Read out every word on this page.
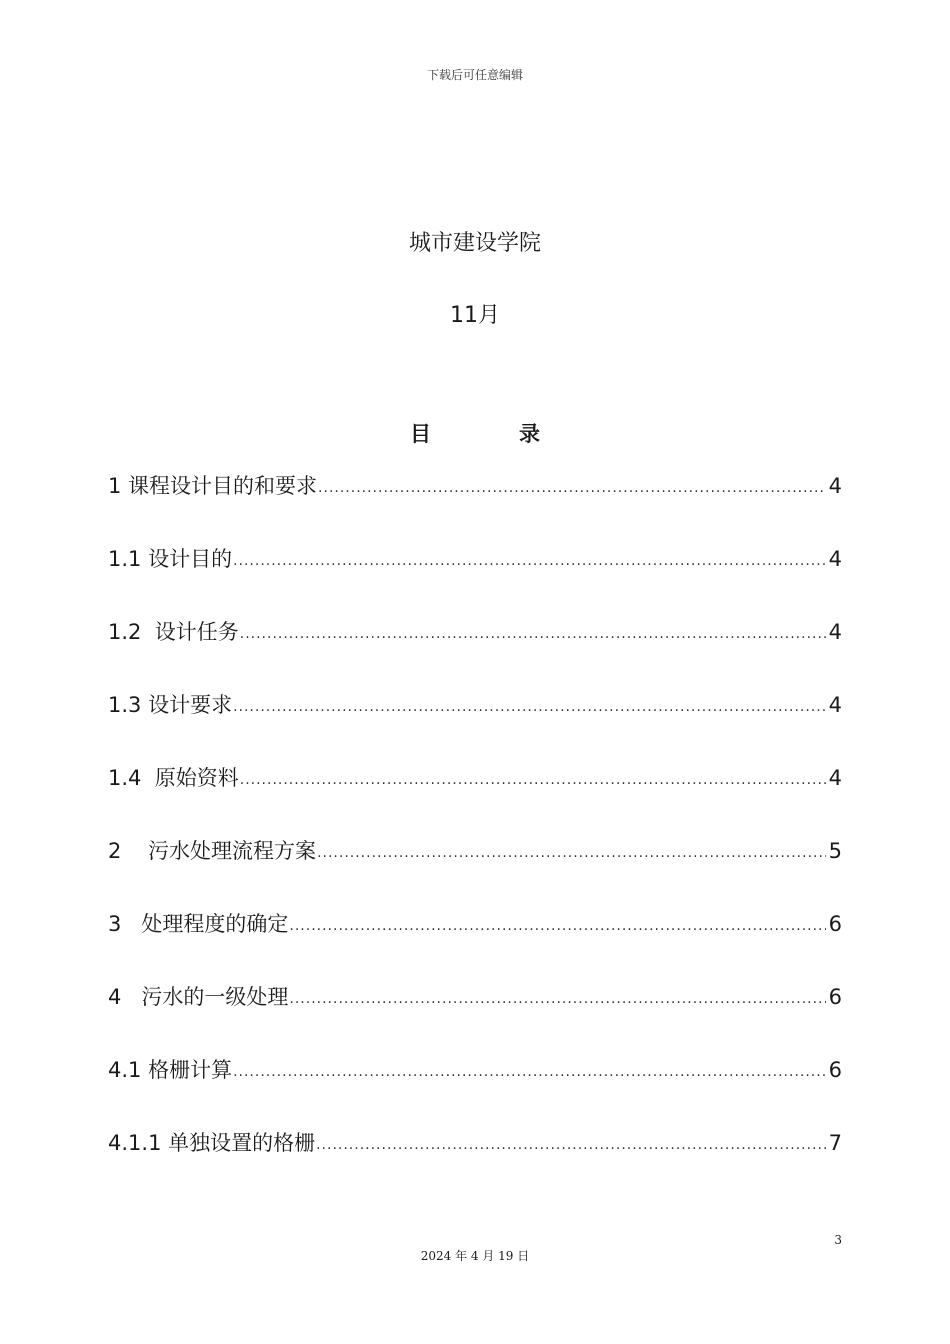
下载后可任意编辑
城市建设学院
11月
目	录
1 课程设计目的和要求 .....	4
1.1 设计目的 .....	4
1.2  设计任务 .....	4
1.3 设计要求 .....	4
1.4  原始资料 .....	4
2    污水处理流程方案 .....	5
3   处理程度的确定 .....	6
4   污水的一级处理 .....	6
4.1 格栅计算 .....	6
4.1.1 单独设置的格栅 .....	7
3
2024 年 4 月 19 日
